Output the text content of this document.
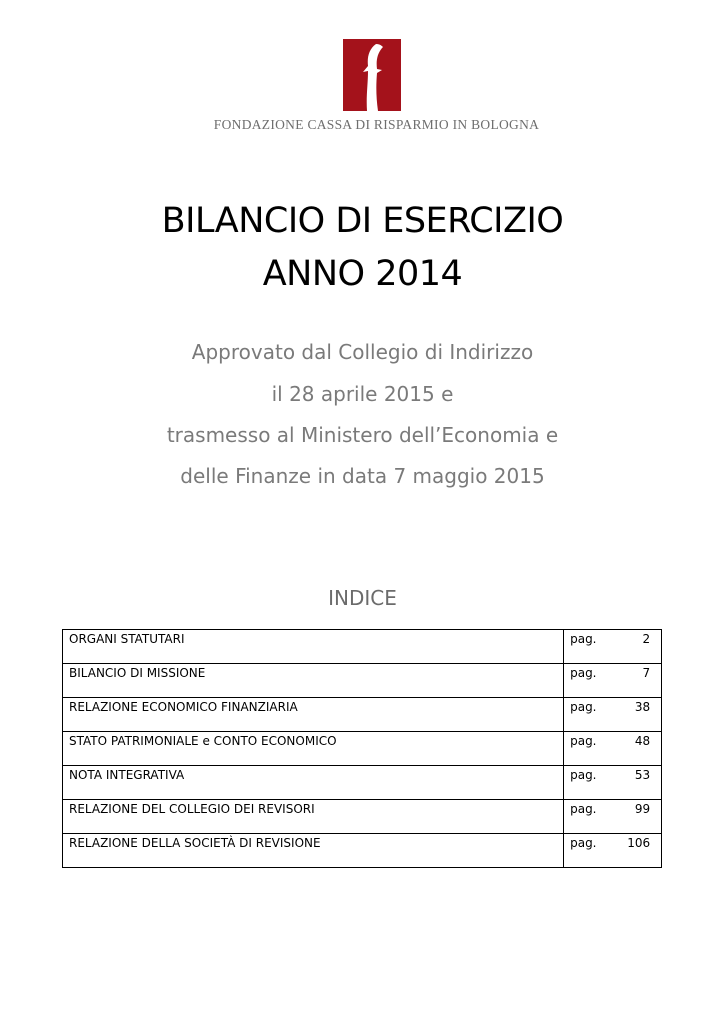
FONDAZIONE CASSA DI RISPARMIO IN BOLOGNA
BILANCIO DI ESERCIZIO
ANNO 2014
Approvato dal Collegio di Indirizzo
il 28 aprile 2015 e
trasmesso al Ministero dell’Economia e
delle Finanze in data 7 maggio 2015
INDICE
ORGANI STATUTARI	pag. 2
BILANCIO DI MISSIONE	pag. 7
RELAZIONE ECONOMICO FINANZIARIA	pag. 38
STATO PATRIMONIALE e CONTO ECONOMICO	pag. 48
NOTA INTEGRATIVA	pag. 53
RELAZIONE DEL COLLEGIO DEI REVISORI	pag. 99
RELAZIONE DELLA SOCIETÀ DI REVISIONE	pag. 106
